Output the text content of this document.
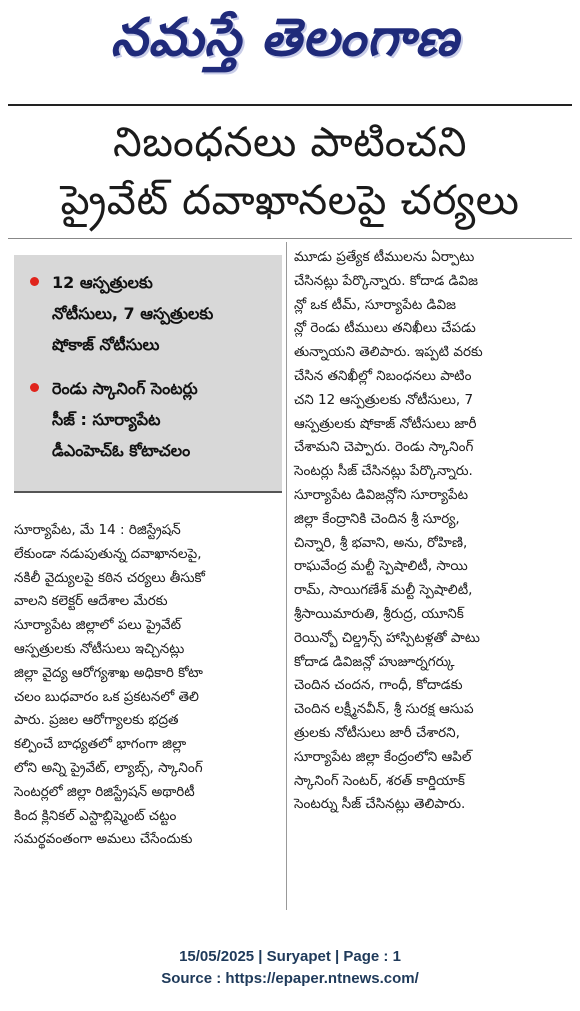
నమస్తే తెలంగాణ
నిబంధనలు పాటించని
ప్రైవేట్ దవాఖానలపై చర్యలు
12 ఆస్పత్రులకు
నోటీసులు, 7 ఆస్పత్రులకు
షోకాజ్ నోటీసులు
రెండు స్కానింగ్ సెంటర్లు
సీజ్ : సూర్యాపేట
డీఎంహెచ్ఓ కోటాచలం
సూర్యాపేట, మే 14 : రిజిస్ట్రేషన్
లేకుండా నడుపుతున్న దవాఖానలపై,
నకిలీ వైద్యులపై కఠిన చర్యలు తీసుకో
వాలని కలెక్టర్ ఆదేశాల మేరకు
సూర్యాపేట జిల్లాలో పలు ప్రైవేట్
ఆస్పత్రులకు నోటీసులు ఇచ్చినట్లు
జిల్లా వైద్య ఆరోగ్యశాఖ అధికారి కోటా
చలం బుధవారం ఒక ప్రకటనలో తెలి
పారు. ప్రజల ఆరోగ్యాలకు భద్రత
కల్పించే బాధ్యతలో భాగంగా జిల్లా
లోని అన్ని ప్రైవేట్, ల్యాబ్స్, స్కానింగ్
సెంటర్లలో జిల్లా రిజిస్ట్రేషన్ అథారిటీ
కింద క్లినికల్ ఎస్టాబ్లిష్మెంట్ చట్టం
సమర్థవంతంగా అమలు చేసేందుకు
మూడు ప్రత్యేక టీములను ఏర్పాటు
చేసినట్లు పేర్కొన్నారు. కోదాడ డివిజ
న్లో ఒక టీమ్, సూర్యాపేట డివిజ
న్లో రెండు టీములు తనిఖీలు చేపడు
తున్నాయని తెలిపారు. ఇప్పటి వరకు
చేసిన తనిఖీల్లో నిబంధనలు పాటిం
చని 12 ఆస్పత్రులకు నోటీసులు, 7
ఆస్పత్రులకు షోకాజ్ నోటీసులు జారీ
చేశామని చెప్పారు. రెండు స్కానింగ్
సెంటర్లు సీజ్ చేసినట్లు పేర్కొన్నారు.
సూర్యాపేట డివిజన్లోని సూర్యాపేట
జిల్లా కేంద్రానికి చెందిన శ్రీ సూర్య,
చిన్నారి, శ్రీ భవాని, అను, రోహిణి,
రాఘవేంద్ర మల్టీ స్పెషాలిటీ, సాయి
రామ్, సాయిగణేశ్ మల్టీ స్పెషాలిటీ,
శ్రీసాయిమారుతి, శ్రీరుద్ర, యూనిక్
రెయిన్బో చిల్డ్రన్స్ హాస్పిటళ్లతో పాటు
కోదాడ డివిజన్లో హుజూర్నగర్కు
చెందిన చందన, గాంధీ, కోదాడకు
చెందిన లక్ష్మీనవీన్, శ్రీ సురక్ష ఆసుప
త్రులకు నోటీసులు జారీ చేశారని,
సూర్యాపేట జిల్లా కేంద్రంలోని ఆపిల్
స్కానింగ్ సెంటర్, శరత్ కార్డియాక్
సెంటర్ను సీజ్ చేసినట్లు తెలిపారు.
15/05/2025 | Suryapet | Page : 1
Source : https://epaper.ntnews.com/
